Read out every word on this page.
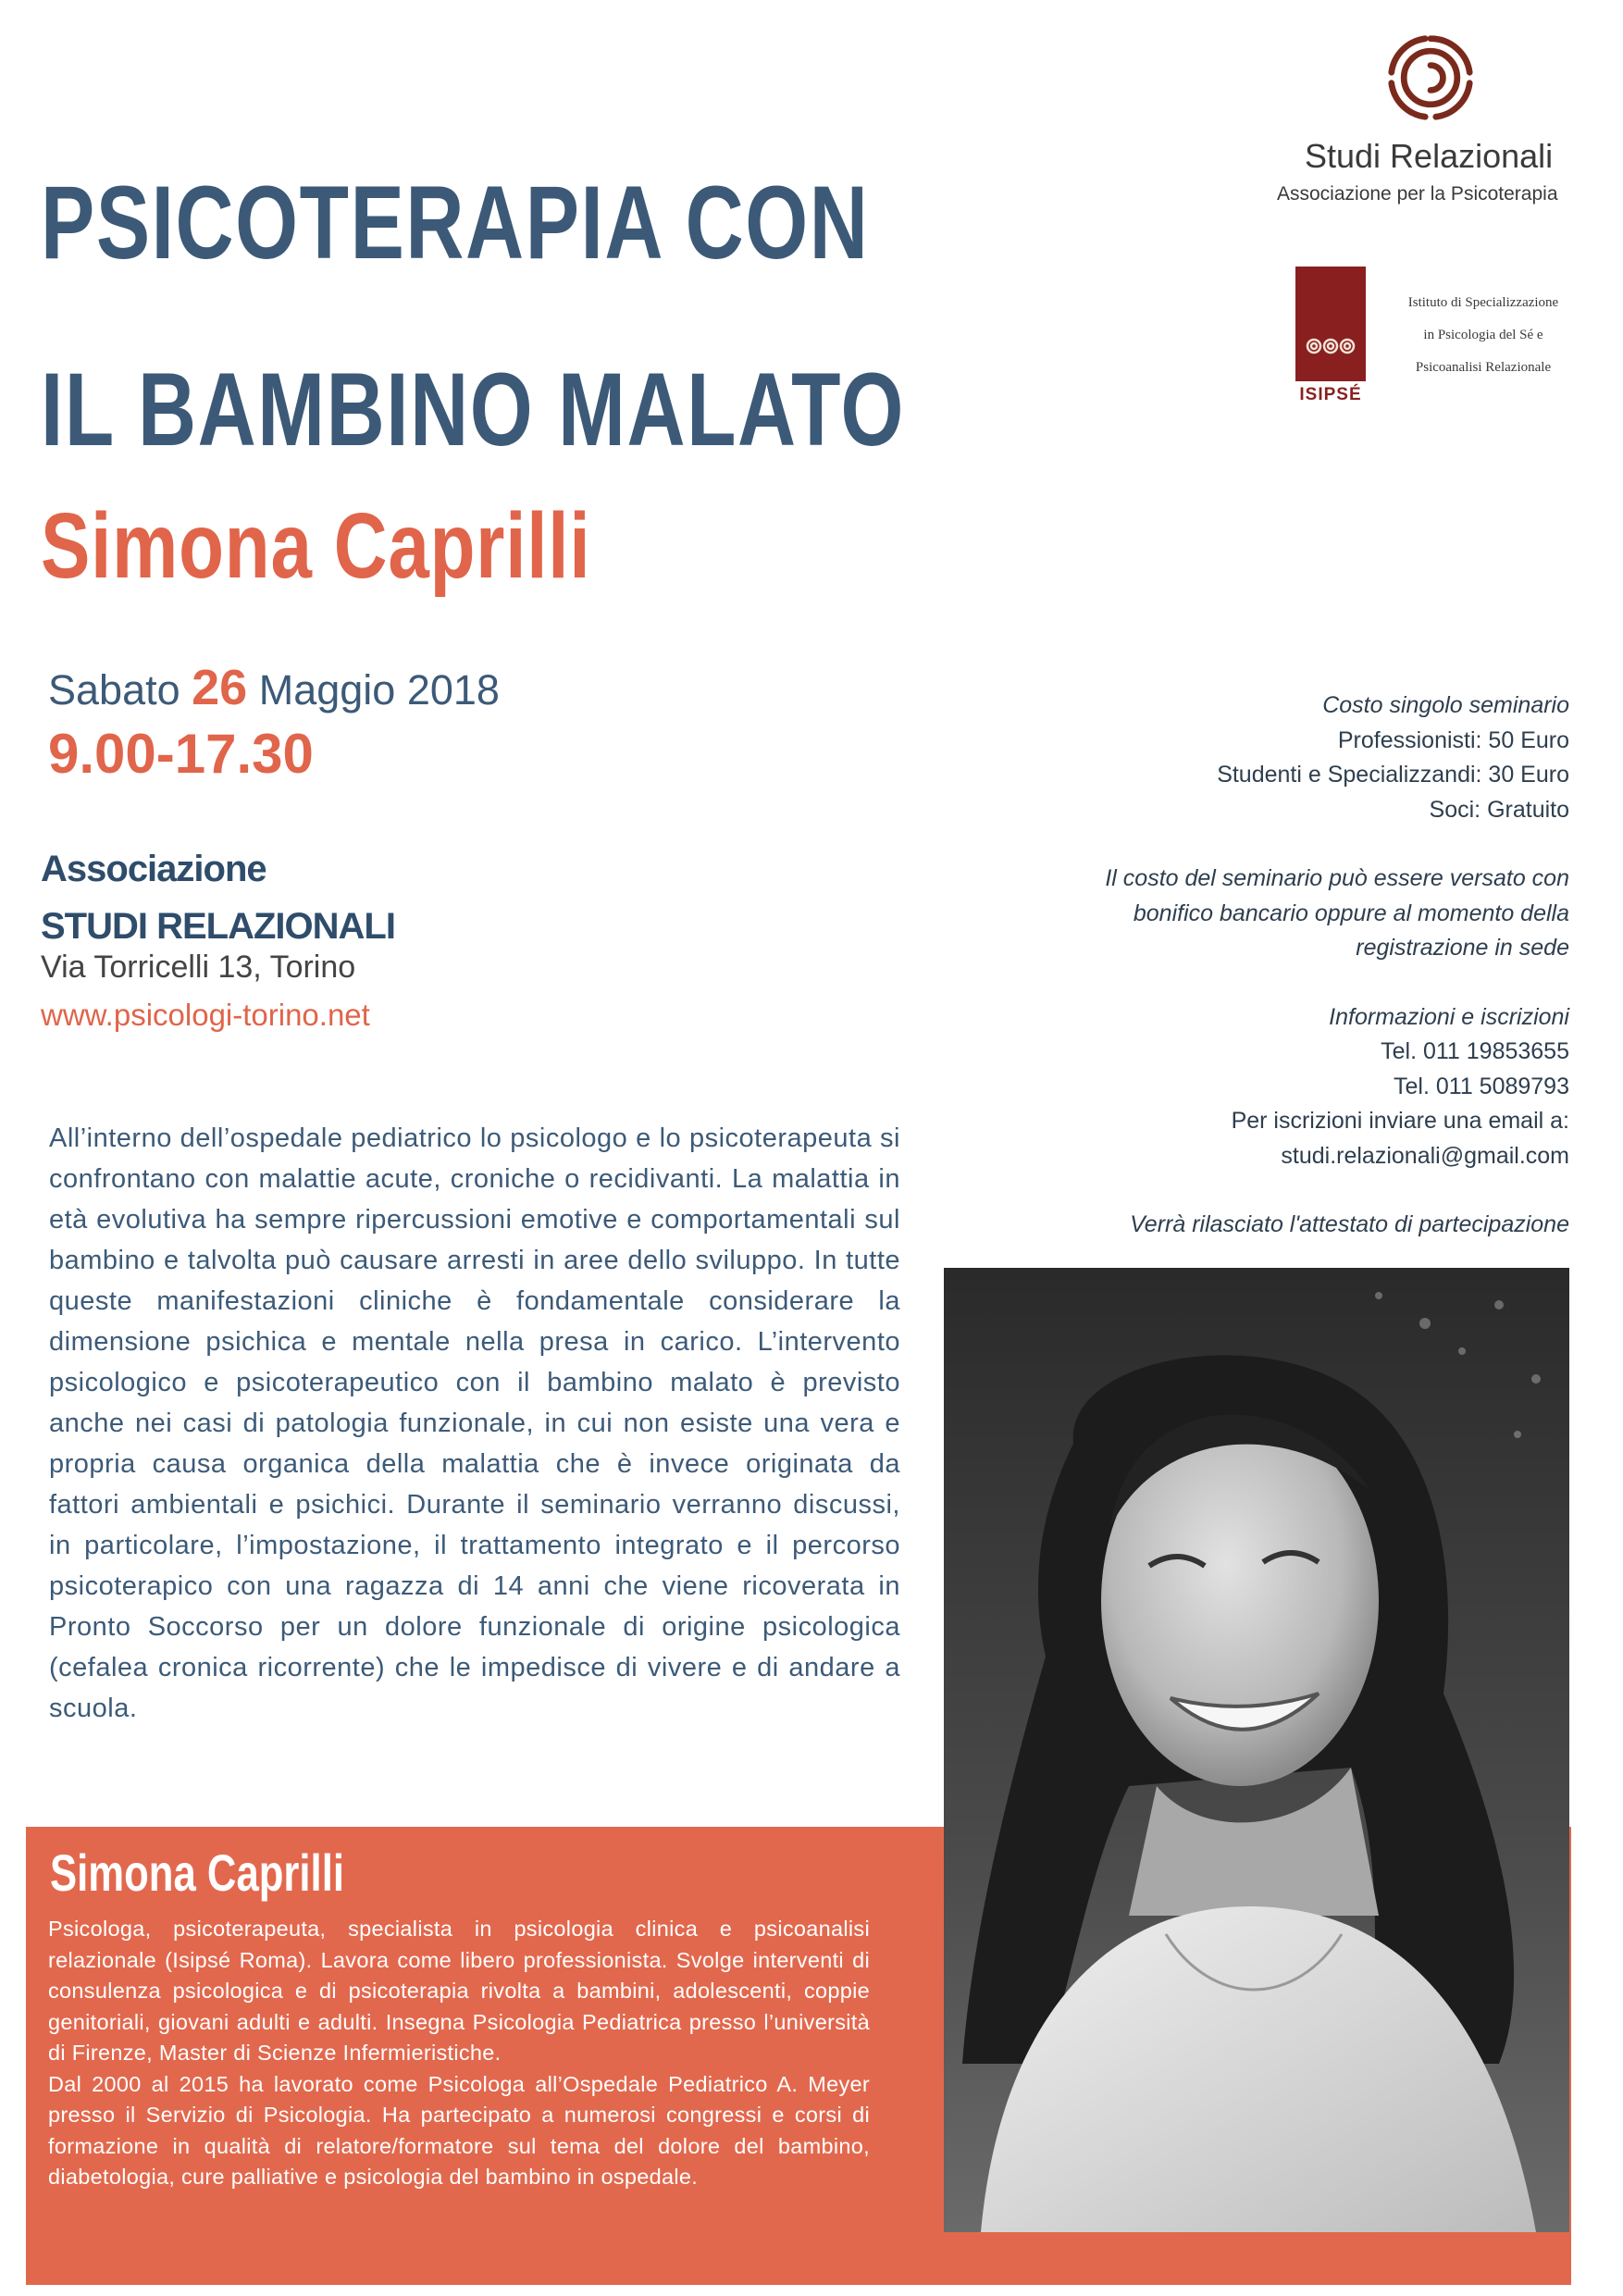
PSICOTERAPIA CON
IL BAMBINO MALATO
Simona Caprilli
Studi Relazionali
Associazione per la Psicoterapia
ISIPSÉ
Istituto di Specializzazione
in Psicologia del Sé e
Psicoanalisi Relazionale
Sabato 26 Maggio 2018
9.00-17.30
Associazione
STUDI RELAZIONALI
Via Torricelli 13, Torino
www.psicologi-torino.net
Costo singolo seminario
Professionisti: 50 Euro
Studenti e Specializzandi: 30 Euro
Soci: Gratuito
Il costo del seminario può essere versato con
bonifico bancario oppure al momento della
registrazione in sede
Informazioni e iscrizioni
Tel. 011 19853655
Tel. 011 5089793
Per iscrizioni inviare una email a:
studi.relazionali@gmail.com
Verrà rilasciato l'attestato di partecipazione
All’interno dell’ospedale pediatrico lo psicologo e lo psicoterapeuta si confrontano con malattie acute, croniche o recidivanti. La malattia in età evolutiva ha sempre ripercussioni emotive e comportamentali sul bambino e talvolta può causare arresti in aree dello sviluppo. In tutte queste manifestazioni cliniche è fondamentale considerare la dimensione psichica e mentale nella presa in carico. L’intervento psicologico e psicoterapeutico con il bambino malato è previsto anche nei casi di patologia funzionale, in cui non esiste una vera e propria causa organica della malattia che è invece originata da fattori ambientali e psichici. Durante il seminario verranno discussi, in particolare, l’impostazione, il trattamento integrato e il percorso psicoterapico con una ragazza di 14 anni che viene ricoverata in Pronto Soccorso per un dolore funzionale di origine psicologica (cefalea cronica ricorrente) che le impedisce di vivere e di andare a scuola.
Simona Caprilli
Psicologa, psicoterapeuta, specialista in psicologia clinica e psicoanalisi relazionale (Isipsé Roma). Lavora come libero professionista. Svolge interventi di consulenza psicologica e di psicoterapia rivolta a bambini, adolescenti, coppie genitoriali, giovani adulti e adulti. Insegna Psicologia Pediatrica presso l’università di Firenze, Master di Scienze Infermieristiche.
Dal 2000 al 2015 ha lavorato come Psicologa all’Ospedale Pediatrico A. Meyer presso il Servizio di Psicologia. Ha partecipato a numerosi congressi e corsi di formazione in qualità di relatore/formatore sul tema del dolore del bambino, diabetologia, cure palliative e psicologia del bambino in ospedale.
